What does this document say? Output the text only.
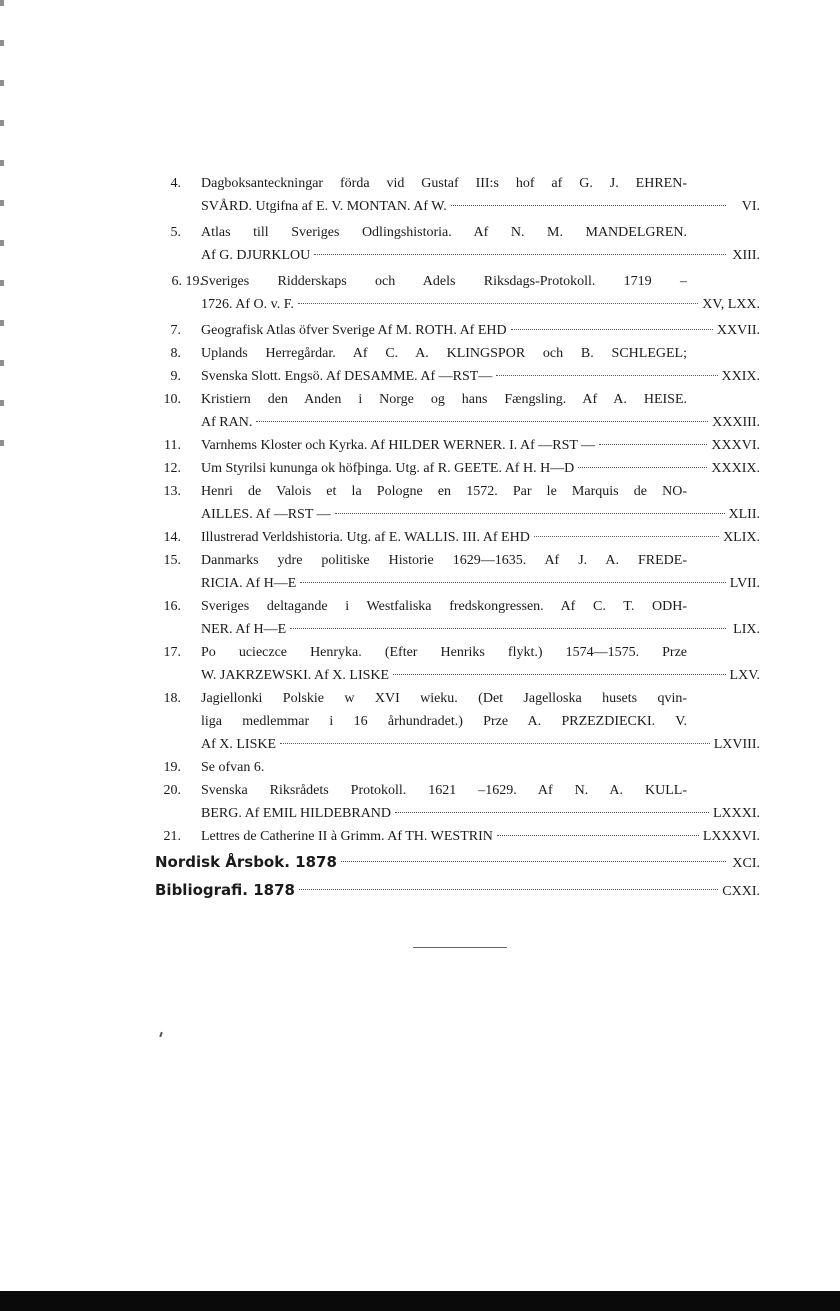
4. Dagboksanteckningar förda vid Gustaf III:s hof af G. J. EHREN-
SVÅRD. Utgifna af E. V. MONTAN. Af W.	VI.
5. Atlas till Sveriges Odlingshistoria. Af N. M. MANDELGREN.
Af G. DJURKLOU	XIII.
6. 19.
Sveriges Ridderskaps och Adels Riksdags-Protokoll. 1719 –
1726. Af O. v. F.	XV, LXX.
7. Geografisk Atlas öfver Sverige Af M. ROTH. Af EHD	XXVII.
8. Uplands Herregårdar. Af C. A. KLINGSPOR och B. SCHLEGEL;
9. Svenska Slott. Engsö. Af DESAMME. Af —RST—	XXIX.
10. Kristiern den Anden i Norge og hans Fængsling. Af A. HEISE.
Af RAN.	XXXIII.
11. Varnhems Kloster och Kyrka. Af HILDER WERNER. I. Af —RST —	XXXVI.
12. Um Styrilsi kununga ok höfþinga. Utg. af R. GEETE. Af H. H—D	XXXIX.
13. Henri de Valois et la Pologne en 1572. Par le Marquis de NO-
AILLES. Af —RST —	XLII.
14. Illustrerad Verldshistoria. Utg. af E. WALLIS. III. Af EHD	XLIX.
15. Danmarks ydre politiske Historie 1629—1635. Af J. A. FREDE-
RICIA. Af H—E	LVII.
16. Sveriges deltagande i Westfaliska fredskongressen. Af C. T. ODH-
NER. Af H—E	LIX.
17. Po ucieczce Henryka. (Efter Henriks flykt.) 1574—1575. Prze
W. JAKRZEWSKI. Af X. LISKE	LXV.
18. Jagiellonki Polskie w XVI wieku. (Det Jagelloska husets qvin-
liga medlemmar i 16 århundradet.) Prze A. PRZEZDIECKI. V.
Af X. LISKE	LXVIII.
19. Se ofvan 6.
20. Svenska Riksrådets Protokoll. 1621 –1629. Af N. A. KULL-
BERG. Af EMIL HILDEBRAND	LXXXI.
21. Lettres de Catherine II à Grimm. Af TH. WESTRIN	LXXXVI.
Nordisk Årsbok. 1878	XCI.
Bibliografi. 1878	CXXI.
